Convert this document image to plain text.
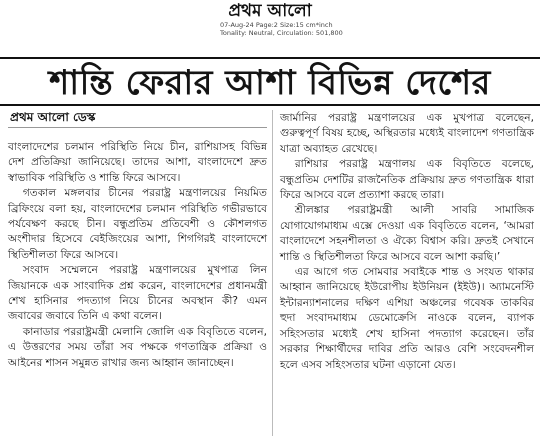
প্রথম আলো
07-Aug-24 Page:2 Size:15 cm*inch
Tonality: Neutral, Circulation: 501,800
শান্তি ফেরার আশা বিভিন্ন দেশের
প্রথম আলো ডেস্ক

বাংলাদেশের চলমান পরিস্থিতি নিয়ে চীন, রাশিয়াসহ বিভিন্ন দেশ প্রতিক্রিয়া জানিয়েছে। তাদের আশা, বাংলাদেশে দ্রুত স্বাভাবিক পরিস্থিতি ও শান্তি ফিরে আসবে।

গতকাল মঙ্গলবার চীনের পররাষ্ট্র মন্ত্রণালয়ের নিয়মিত ব্রিফিংয়ে বলা হয়, বাংলাদেশের চলমান পরিস্থিতি গভীরভাবে পর্যবেক্ষণ করছে চীন। বন্ধুপ্রতিম প্রতিবেশী ও কৌশলগত অংশীদার হিসেবে বেইজিংয়ের আশা, শিগগিরই বাংলাদেশে স্থিতিশীলতা ফিরে আসবে।

সংবাদ সম্মেলনে পররাষ্ট্র মন্ত্রণালয়ের মুখপাত্র লিন জিয়ানকে এক সাংবাদিক প্রশ্ন করেন, বাংলাদেশের প্রধানমন্ত্রী শেখ হাসিনার পদত্যাগ নিয়ে চীনের অবস্থান কী? এমন জবাবের জবাবে তিনি এ কথা বলেন।

কানাডার পররাষ্ট্রমন্ত্রী মেলানি জোলি এক বিবৃতিতে বলেন, এ উত্তরণের সময় তাঁরা সব পক্ষকে গণতান্ত্রিক প্রক্রিয়া ও আইনের শাসন সমুন্নত রাখার জন্য আহ্বান জানাচ্ছেন।

জার্মানির পররাষ্ট্র মন্ত্রণালয়ের এক মুখপাত্র বলেছেন, গুরুত্বপূর্ণ বিষয় হচ্ছে, অস্থিরতার মধ্যেই বাংলাদেশ গণতান্ত্রিক যাত্রা অব্যাহত রেখেছে।

রাশিয়ার পররাষ্ট্র মন্ত্রণালয় এক বিবৃতিতে বলেছে, বন্ধুপ্রতিম দেশটির রাজনৈতিক প্রক্রিয়ায় দ্রুত গণতান্ত্রিক ধারা ফিরে আসবে বলে প্রত্যাশা করছে তারা।

শ্রীলঙ্কার পররাষ্ট্রমন্ত্রী আলী সাবরি সামাজিক যোগাযোগমাধ্যম এক্সে দেওয়া এক বিবৃতিতে বলেন, ‘আমরা বাংলাদেশে সহনশীলতা ও ঐক্যে বিশ্বাস করি। দ্রুতই সেখানে শান্তি ও স্থিতিশীলতা ফিরে আসবে বলে আশা করছি।’

এর আগে গত সোমবার সবাইকে শান্ত ও সংযত থাকার আহ্বান জানিয়েছে ইউরোপীয় ইউনিয়ন (ইইউ)। অ্যামনেস্টি ইন্টারন্যাশনালের দক্ষিণ এশিয়া অঞ্চলের গবেষক তাকবির হুদা সংবাদমাধ্যম ডেমোক্রেসি নাওকে বলেন, ব্যাপক সহিংসতার মধ্যেই শেখ হাসিনা পদত্যাগ করেছেন। তাঁর সরকার শিক্ষার্থীদের দাবির প্রতি আরও বেশি সংবেদনশীল হলে এসব সহিংসতার ঘটনা এড়ানো যেত।
